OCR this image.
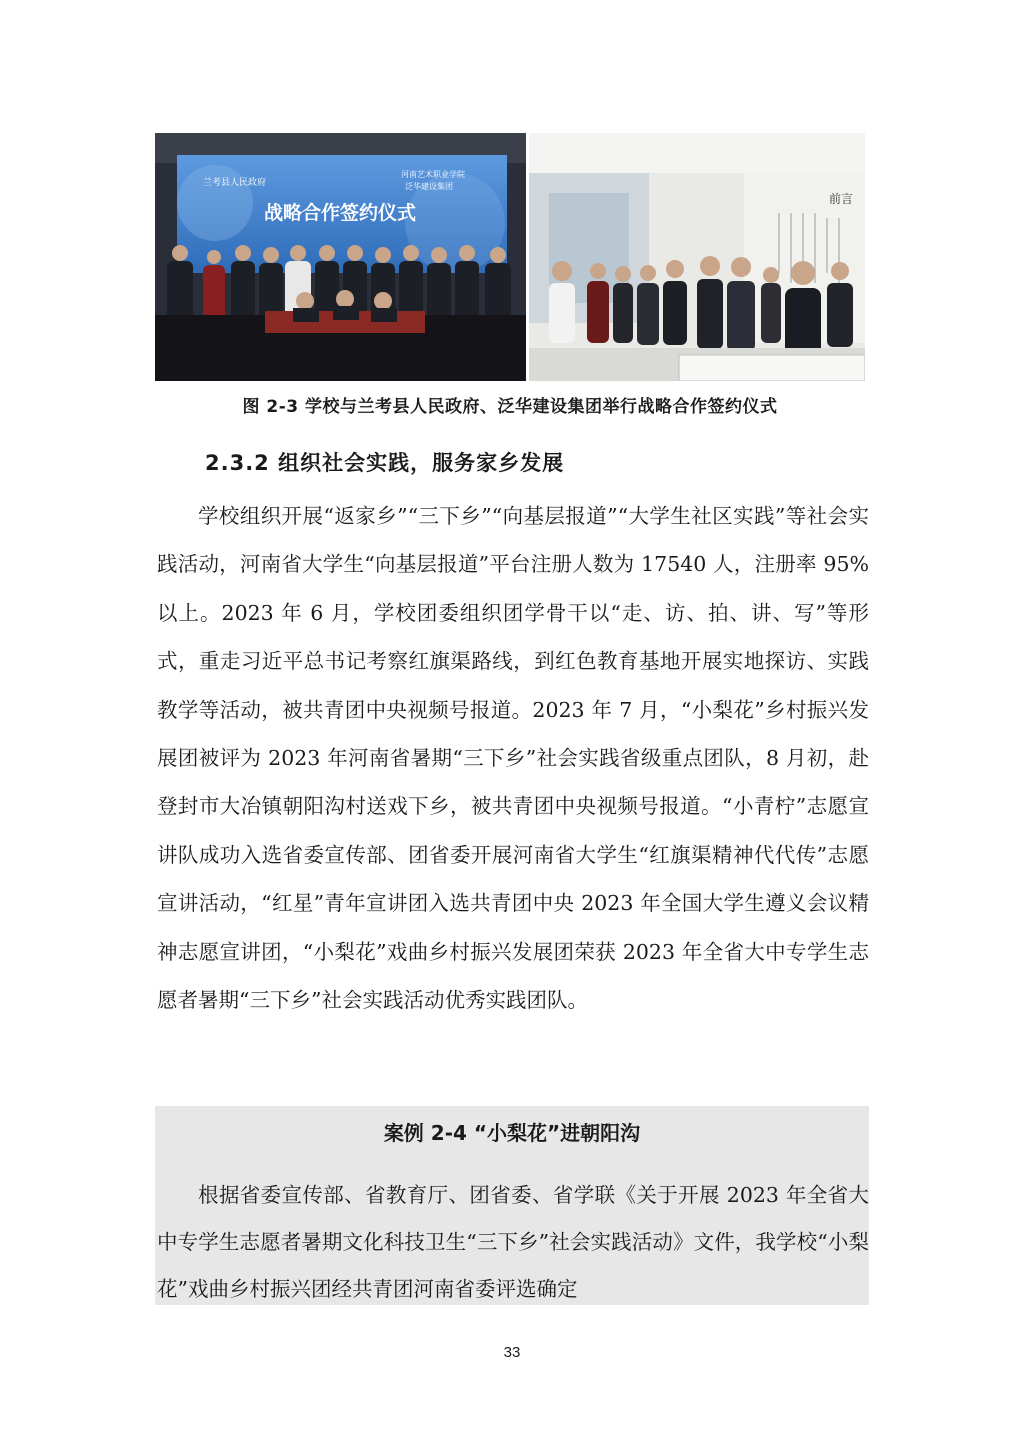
兰考县人民政府
河南艺术职业学院
泛华建设集团
战略合作签约仪式
前言
图 2-3 学校与兰考县人民政府、泛华建设集团举行战略合作签约仪式
2.3.2 组织社会实践，服务家乡发展

学校组织开展“返家乡”“三下乡”“向基层报道”“大学生社区实践”等社会实践活动，河南省大学生“向基层报道”平台注册人数为 17540 人，注册率 95%以上。2023 年 6 月，学校团委组织团学骨干以“走、访、拍、讲、写”等形式，重走习近平总书记考察红旗渠路线，到红色教育基地开展实地探访、实践教学等活动，被共青团中央视频号报道。2023 年 7 月，“小梨花”乡村振兴发展团被评为 2023 年河南省暑期“三下乡”社会实践省级重点团队，8 月初，赴登封市大冶镇朝阳沟村送戏下乡，被共青团中央视频号报道。“小青柠”志愿宣讲队成功入选省委宣传部、团省委开展河南省大学生“红旗渠精神代代传”志愿宣讲活动，“红星”青年宣讲团入选共青团中央 2023 年全国大学生遵义会议精神志愿宣讲团，“小梨花”戏曲乡村振兴发展团荣获 2023 年全省大中专学生志愿者暑期“三下乡”社会实践活动优秀实践团队。

案例 2-4 “小梨花”进朝阳沟

根据省委宣传部、省教育厅、团省委、省学联《关于开展 2023 年全省大中专学生志愿者暑期文化科技卫生“三下乡”社会实践活动》文件，我学校“小梨花”戏曲乡村振兴团经共青团河南省委评选确定

33
